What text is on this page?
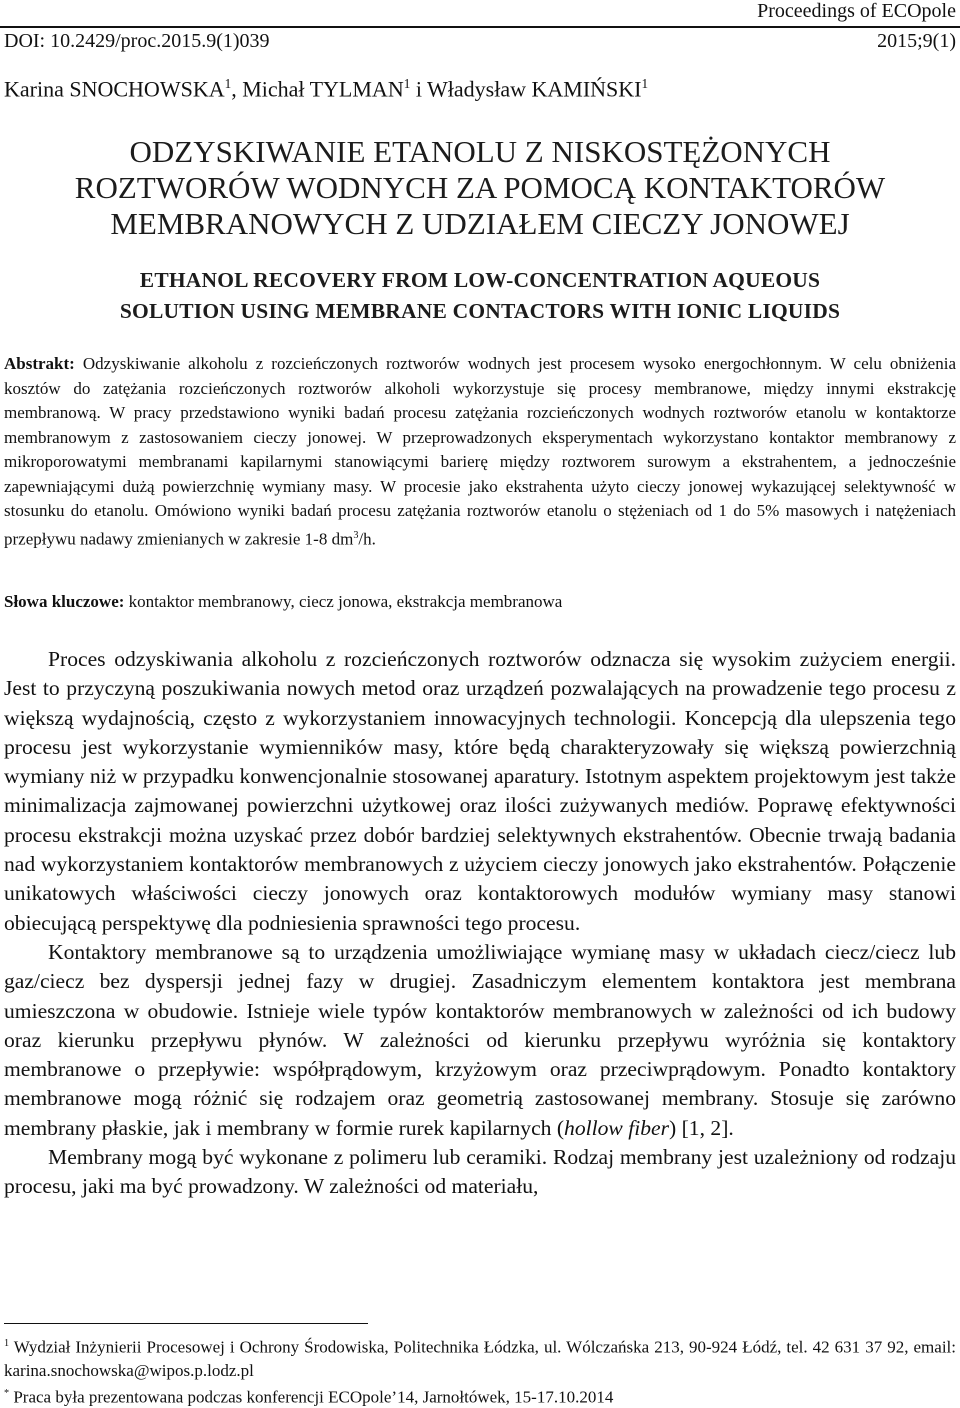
Proceedings of ECOpole
DOI: 10.2429/proc.2015.9(1)039	2015;9(1)
Karina SNOCHOWSKA$^1$, Michał TYLMAN$^1$ i Władysław KAMIŃSKI$^1$
ODZYSKIWANIE ETANOLU Z NISKOSTĘŻONYCH
ROZTWORÓW WODNYCH ZA POMOCĄ KONTAKTORÓW
MEMBRANOWYCH Z UDZIAŁEM CIECZY JONOWEJ
ETHANOL RECOVERY FROM LOW-CONCENTRATION AQUEOUS
SOLUTION USING MEMBRANE CONTACTORS WITH IONIC LIQUIDS
Abstrakt: Odzyskiwanie alkoholu z rozcieńczonych roztworów wodnych jest procesem wysoko energochłonnym. W celu obniżenia kosztów do zatężania rozcieńczonych roztworów alkoholi wykorzystuje się procesy membranowe, między innymi ekstrakcję membranową. W pracy przedstawiono wyniki badań procesu zatężania rozcieńczonych wodnych roztworów etanolu w kontaktorze membranowym z zastosowaniem cieczy jonowej. W przeprowadzonych eksperymentach wykorzystano kontaktor membranowy z mikroporowatymi membranami kapilarnymi stanowiącymi barierę między roztworem surowym a ekstrahentem, a jednocześnie zapewniającymi dużą powierzchnię wymiany masy. W procesie jako ekstrahenta użyto cieczy jonowej wykazującej selektywność w stosunku do etanolu. Omówiono wyniki badań procesu zatężania roztworów etanolu o stężeniach od 1 do 5% masowych i natężeniach przepływu nadawy zmienianych w zakresie 1-8 $dm^3/h$.
Słowa kluczowe: kontaktor membranowy, ciecz jonowa, ekstrakcja membranowa

Proces odzyskiwania alkoholu z rozcieńczonych roztworów odznacza się wysokim zużyciem energii. Jest to przyczyną poszukiwania nowych metod oraz urządzeń pozwalających na prowadzenie tego procesu z większą wydajnością, często z wykorzystaniem innowacyjnych technologii. Koncepcją dla ulepszenia tego procesu jest wykorzystanie wymienników masy, które będą charakteryzowały się większą powierzchnią wymiany niż w przypadku konwencjonalnie stosowanej aparatury. Istotnym aspektem projektowym jest także minimalizacja zajmowanej powierzchni użytkowej oraz ilości zużywanych mediów. Poprawę efektywności procesu ekstrakcji można uzyskać przez dobór bardziej selektywnych ekstrahentów. Obecnie trwają badania nad wykorzystaniem kontaktorów membranowych z użyciem cieczy jonowych jako ekstrahentów. Połączenie unikatowych właściwości cieczy jonowych oraz kontaktorowych modułów wymiany masy stanowi obiecującą perspektywę dla podniesienia sprawności tego procesu.

Kontaktory membranowe są to urządzenia umożliwiające wymianę masy w układach ciecz/ciecz lub gaz/ciecz bez dyspersji jednej fazy w drugiej. Zasadniczym elementem kontaktora jest membrana umieszczona w obudowie. Istnieje wiele typów kontaktorów membranowych w zależności od ich budowy oraz kierunku przepływu płynów. W zależności od kierunku przepływu wyróżnia się kontaktory membranowe o przepływie: współprądowym, krzyżowym oraz przeciwprądowym. Ponadto kontaktory membranowe mogą różnić się rodzajem oraz geometrią zastosowanej membrany. Stosuje się zarówno membrany płaskie, jak i membrany w formie rurek kapilarnych (hollow fiber) [1, 2].

Membrany mogą być wykonane z polimeru lub ceramiki. Rodzaj membrany jest uzależniony od rodzaju procesu, jaki ma być prowadzony. W zależności od materiału,

$^1$ Wydział Inżynierii Procesowej i Ochrony Środowiska, Politechnika Łódzka, ul. Wólczańska 213, 90-924 Łódź, tel. 42 631 37 92, email: karina.snochowska@wipos.p.lodz.pl
* Praca była prezentowana podczas konferencji ECOpole’14, Jarnołtówek, 15-17.10.2014
